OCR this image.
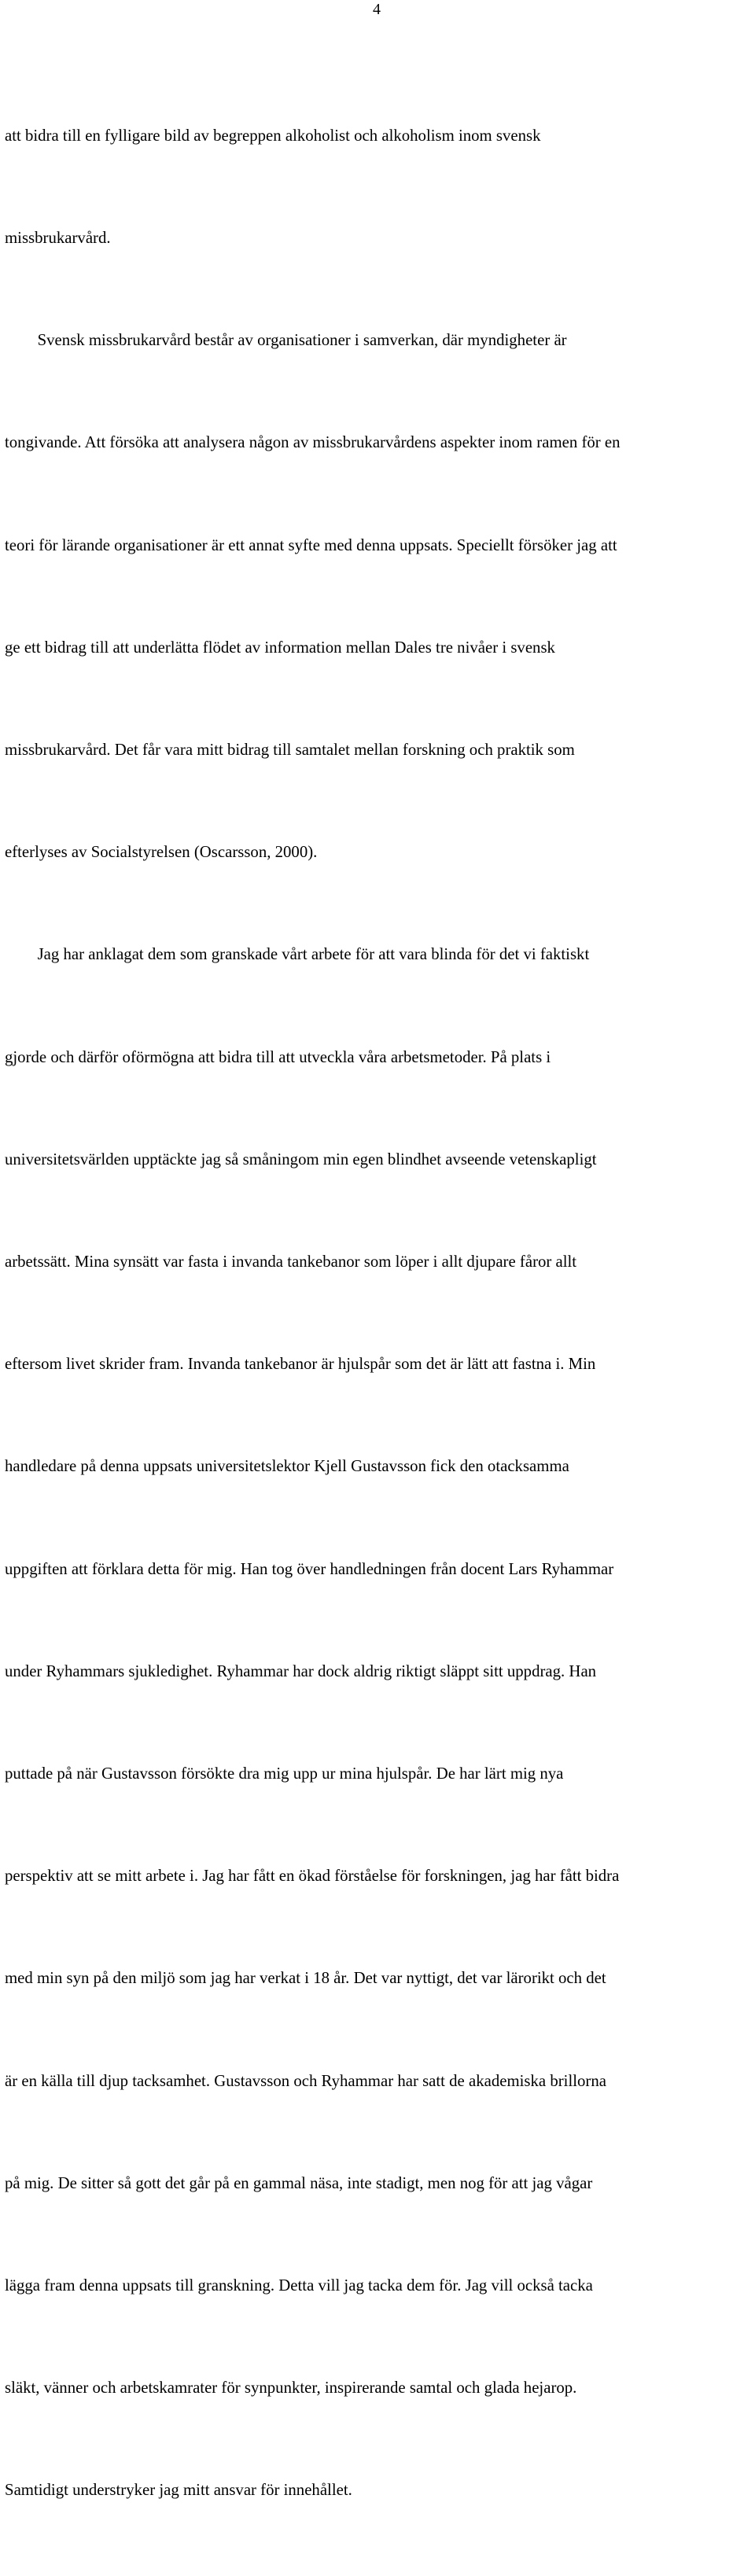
4

att bidra till en fylligare bild av begreppen alkoholist och alkoholism inom svensk

missbrukarvård.

Svensk missbrukarvård består av organisationer i samverkan, där myndigheter är

tongivande. Att försöka att analysera någon av missbrukarvårdens aspekter inom ramen för en

teori för lärande organisationer är ett annat syfte med denna uppsats. Speciellt försöker jag att

ge ett bidrag till att underlätta flödet av information mellan Dales tre nivåer i svensk

missbrukarvård. Det får vara mitt bidrag till samtalet mellan forskning och praktik som

efterlyses av Socialstyrelsen (Oscarsson, 2000).

Jag har anklagat dem som granskade vårt arbete för att vara blinda för det vi faktiskt

gjorde och därför oförmögna att bidra till att utveckla våra arbetsmetoder. På plats i

universitetsvärlden upptäckte jag så småningom min egen blindhet avseende vetenskapligt

arbetssätt. Mina synsätt var fasta i invanda tankebanor som löper i allt djupare fåror allt

eftersom livet skrider fram. Invanda tankebanor är hjulspår som det är lätt att fastna i. Min

handledare på denna uppsats universitetslektor Kjell Gustavsson fick den otacksamma

uppgiften att förklara detta för mig. Han tog över handledningen från docent Lars Ryhammar

under Ryhammars sjukledighet. Ryhammar har dock aldrig riktigt släppt sitt uppdrag. Han

puttade på när Gustavsson försökte dra mig upp ur mina hjulspår. De har lärt mig nya

perspektiv att se mitt arbete i. Jag har fått en ökad förståelse för forskningen, jag har fått bidra

med min syn på den miljö som jag har verkat i 18 år. Det var nyttigt, det var lärorikt och det

är en källa till djup tacksamhet. Gustavsson och Ryhammar har satt de akademiska brillorna

på mig. De sitter så gott det går på en gammal näsa, inte stadigt, men nog för att jag vågar

lägga fram denna uppsats till granskning. Detta vill jag tacka dem för. Jag vill också tacka

släkt, vänner och arbetskamrater för synpunkter, inspirerande samtal och glada hejarop.

Samtidigt understryker jag mitt ansvar för innehållet.
